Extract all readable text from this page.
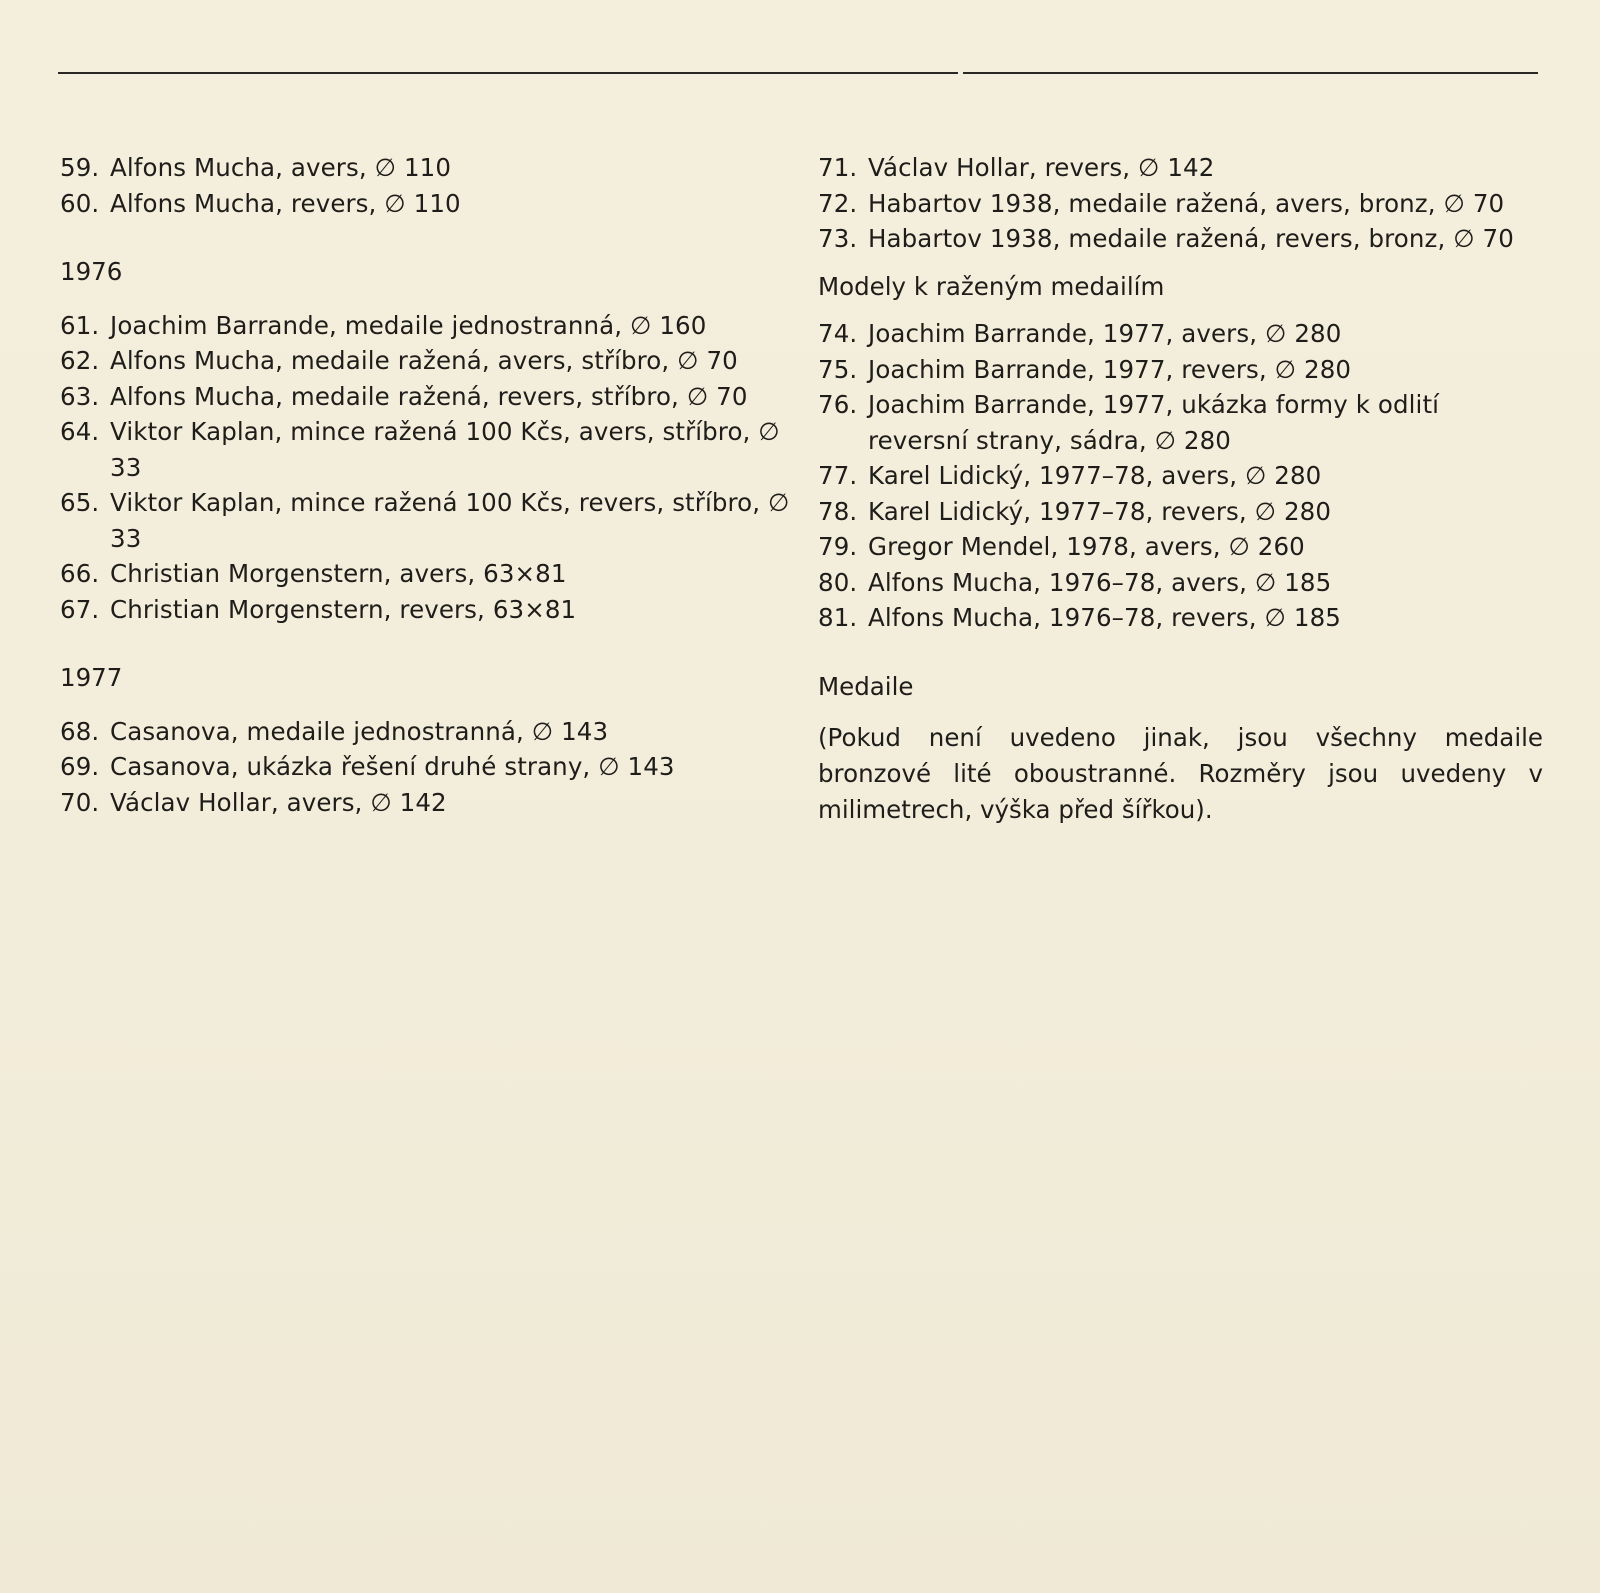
59. Alfons Mucha, avers, ∅ 110
60. Alfons Mucha, revers, ∅ 110
1976
61. Joachim Barrande, medaile jednostranná, ∅ 160
62. Alfons Mucha, medaile ražená, avers, stříbro, ∅ 70
63. Alfons Mucha, medaile ražená, revers, stříbro, ∅ 70
64. Viktor Kaplan, mince ražená 100 Kčs, avers, stříbro, ∅ 33
65. Viktor Kaplan, mince ražená 100 Kčs, revers, stříbro, ∅ 33
66. Christian Morgenstern, avers, 63×81
67. Christian Morgenstern, revers, 63×81
1977
68. Casanova, medaile jednostranná, ∅ 143
69. Casanova, ukázka řešení druhé strany, ∅ 143
70. Václav Hollar, avers, ∅ 142
71. Václav Hollar, revers, ∅ 142
72. Habartov 1938, medaile ražená, avers, bronz, ∅ 70
73. Habartov 1938, medaile ražená, revers, bronz, ∅ 70
Modely k raženým medailím
74. Joachim Barrande, 1977, avers, ∅ 280
75. Joachim Barrande, 1977, revers, ∅ 280
76. Joachim Barrande, 1977, ukázka formy k odlití reversní strany, sádra, ∅ 280
77. Karel Lidický, 1977–78, avers, ∅ 280
78. Karel Lidický, 1977–78, revers, ∅ 280
79. Gregor Mendel, 1978, avers, ∅ 260
80. Alfons Mucha, 1976–78, avers, ∅ 185
81. Alfons Mucha, 1976–78, revers, ∅ 185
Medaile
(Pokud není uvedeno jinak, jsou všechny medaile bronzové lité oboustranné. Rozměry jsou uvedeny v milimetrech, výška před šířkou).
